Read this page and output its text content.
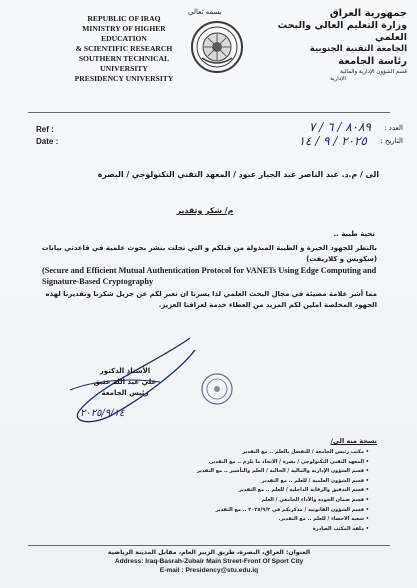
REPUBLIC OF IRAQ
MINISTRY OF HIGHER EDUCATION
& SCIENTIFIC RESEARCH
SOUTHERN TECHNICAL UNIVERSITY
PRESIDENCY UNIVERSITY
بسمه تعالى	جمهورية العراق
وزارة التعليم العالي والبحث العلمي
الجامعة التقنية الجنوبية
رئاسة الجامعة
قسم الشؤون الإدارية والمالية
الإدارية
Ref :
Date :
العدد :
٨٠٨٩ / ٦ / ٧
التاريخ :
٢٠٢٥ / ٩ / ١٤
الى / م.د. عبد الناصر عبد الجبار عبود / المعهد التقني التكنولوجي / البصرة
م/ شكر وتقدير
تحية طيبة ..
بالنظر للجهود الخيرة و الطيبة المبذولة من قبلكم و التي تجلت بنشر بحوث علمية في قاعدتي بيانات (سكوبس و كلاريفت)
(Secure and Efficient Mutual Authentication Protocol for VANETs Using Edge Computing and Signature-Based Cryptography
مما أشر علامة مضيئة في مجال البحث العلمي لذا يسرنا ان نعبر لكم عن جزيل شكرنا وتقديرنا لهذه الجهود المخلصة املين لكم المزيد من العطاء خدمة لعراقنا العزيز.
الأستاذ الدكتور
علي عبد الله عتيق
رئيس الجامعة
٢٠٢٥/٩/١٤
نسخة منه الى/
• مكتب رئيس الجامعة / للتفضل بالعلم .. مع التقدير
• المعهد التقني التكنولوجي / بصرة / الاتخاذ ما يلزم .. مع التقدير.
• قسم الشؤون الإدارية والمالية / الحالية / العلم والتأشير .. مع التقدير
• قسم الشؤون العلمية / للعلم .. مع التقدير
• قسم التدقيق والرقابة الداخلية / للعلم .. مع التقدير
• قسم ضمان الجودة والأداء الجامعي / العلم
• قسم الشؤون القانونية / مذكرتكم في ٢٠٢٥/٩/٢ .. مع التقدير
• شعبة الاحصاء / للعلم .. مع التقدير.
• ملفة المكتب الصادرة
العنوان: العراق، البصرة، طريق الزبير العام، مقابل المدينة الرياضية
Address: Iraq-Basrah-Zubair Main Street-Front Of Sport City
E-mail : Presidency@stu.edu.iq
